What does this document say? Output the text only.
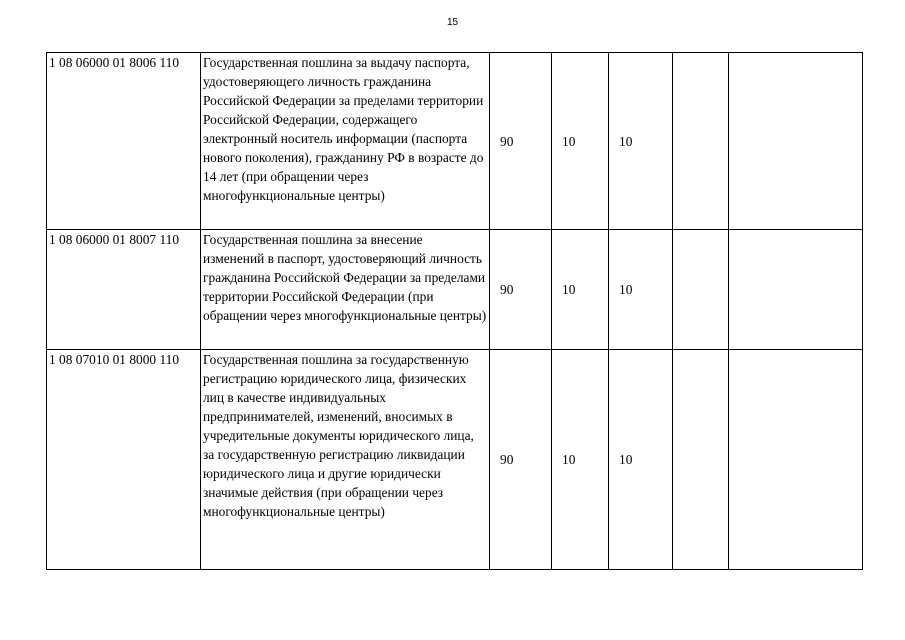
15
1 08 06000 01 8006 110	Государственная пошлина за выдачу паспорта, удостоверяющего личность гражданина Российской Федерации за пределами территории Российской Федерации, содержащего электронный носитель информации (паспорта нового поколения), гражданину РФ в возрасте до 14 лет (при обращении через многофункциональные центры)	90	10	10		
1 08 06000 01 8007 110	Государственная пошлина за внесение изменений в паспорт, удостоверяющий личность гражданина Российской Федерации за пределами территории Российской Федерации (при обращении через многофункциональные центры)	90	10	10		
1 08 07010 01 8000 110	Государственная пошлина за государственную регистрацию юридического лица, физических лиц в качестве индивидуальных предпринимателей, изменений, вносимых в учредительные документы юридического лица, за государственную регистрацию ликвидации юридического лица и другие юридически значимые действия (при обращении через многофункциональные центры)	90	10	10		
